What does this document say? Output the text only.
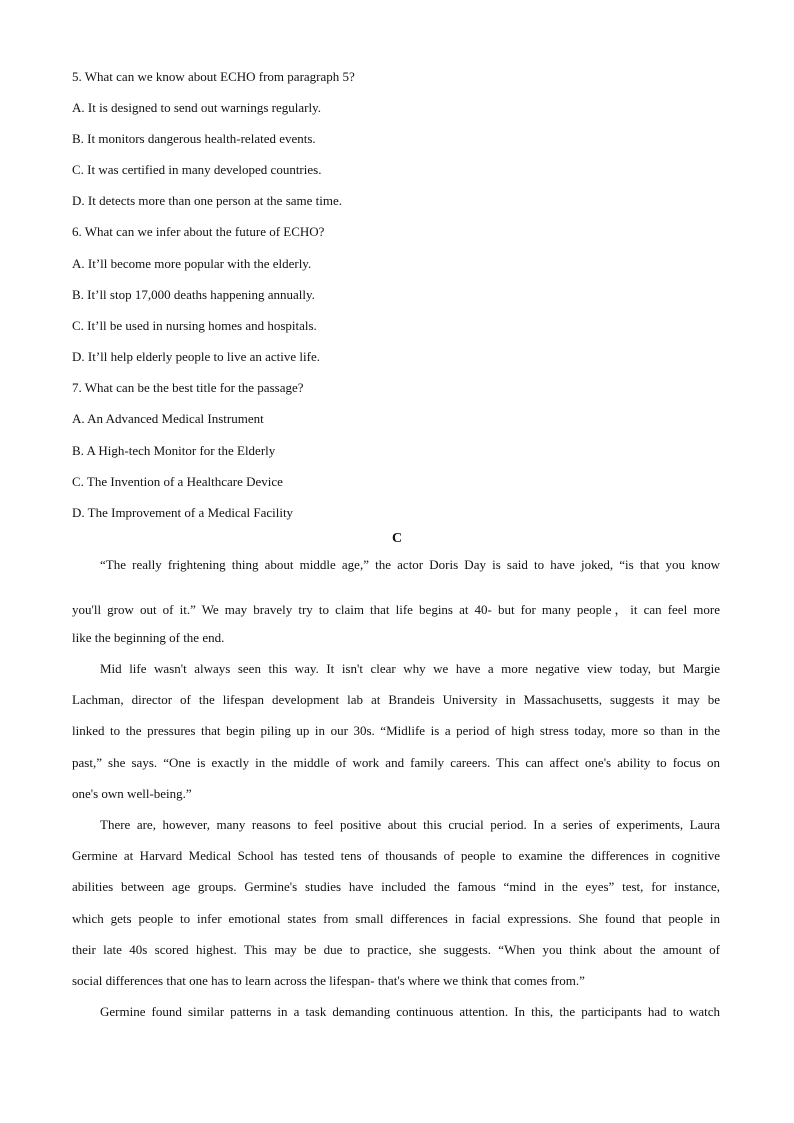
5. What can we know about ECHO from paragraph 5?
A. It is designed to send out warnings regularly.
B. It monitors dangerous health-related events.
C. It was certified in many developed countries.
D. It detects more than one person at the same time.
6. What can we infer about the future of ECHO?
A. It’ll become more popular with the elderly.
B. It’ll stop 17,000 deaths happening annually.
C. It’ll be used in nursing homes and hospitals.
D. It’ll help elderly people to live an active life.
7. What can be the best title for the passage?
A. An Advanced Medical Instrument
B. A High-tech Monitor for the Elderly
C. The Invention of a Healthcare Device
D. The Improvement of a Medical Facility
C
“The really frightening thing about middle age,” the actor Doris Day is said to have joked, “is that you know
you'll grow out of it.” We may bravely try to claim that life begins at 40- but for many people，it can feel more
like the beginning of the end.
Mid life wasn't always seen this way. It isn't clear why we have a more negative view today, but Margie
Lachman, director of the lifespan development lab at Brandeis University in Massachusetts, suggests it may be
linked to the pressures that begin piling up in our 30s. “Midlife is a period of high stress today, more so than in the
past,” she says. “One is exactly in the middle of work and family careers. This can affect one's ability to focus on
one's own well-being.”
There are, however, many reasons to feel positive about this crucial period. In a series of experiments, Laura
Germine at Harvard Medical School has tested tens of thousands of people to examine the differences in cognitive
abilities between age groups. Germine's studies have included the famous “mind in the eyes” test, for instance,
which gets people to infer emotional states from small differences in facial expressions. She found that people in
their late 40s scored highest. This may be due to practice, she suggests. “When you think about the amount of
social differences that one has to learn across the lifespan- that's where we think that comes from.”
Germine found similar patterns in a task demanding continuous attention. In this, the participants had to watch
